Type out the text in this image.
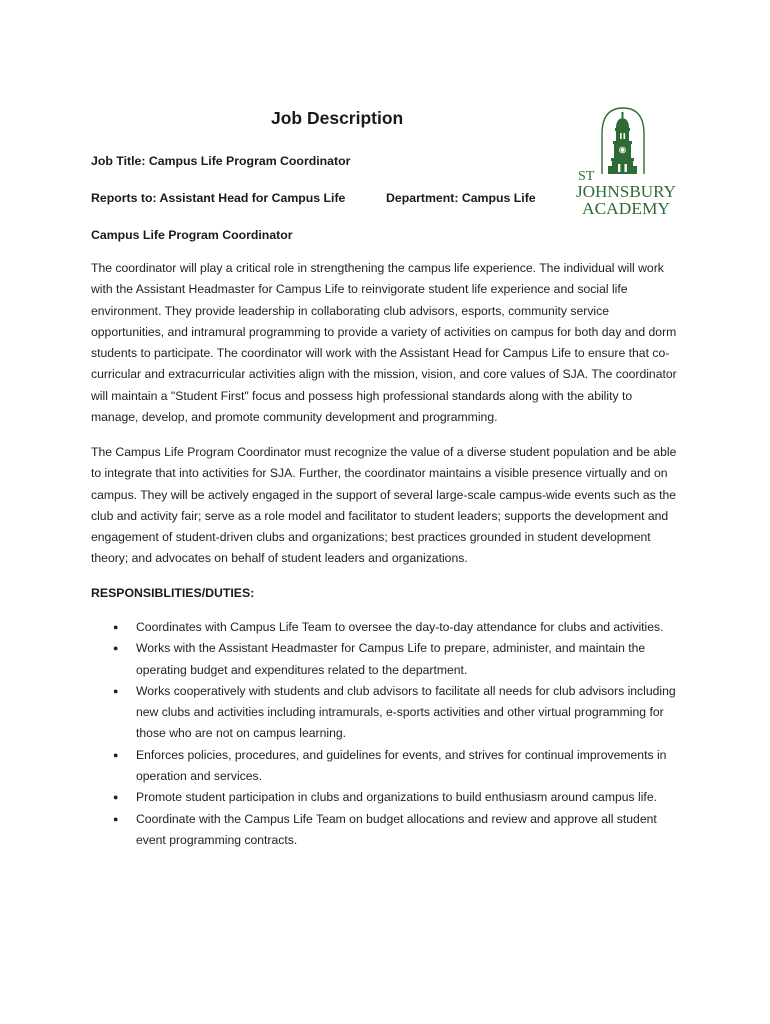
Job Description
Job Title: Campus Life Program Coordinator
Reports to: Assistant Head for Campus Life	Department: Campus Life
Campus Life Program Coordinator
ST
JOHNSBURY
ACADEMY

The coordinator will play a critical role in strengthening the campus life experience. The individual will work with the Assistant Headmaster for Campus Life to reinvigorate student life experience and social life environment. They provide leadership in collaborating club advisors, esports, community service opportunities, and intramural programming to provide a variety of activities on campus for both day and dorm students to participate. The coordinator will work with the Assistant Head for Campus Life to ensure that co-curricular and extracurricular activities align with the mission, vision, and core values of SJA. The coordinator will maintain a "Student First" focus and possess high professional standards along with the ability to manage, develop, and promote community development and programming.

The Campus Life Program Coordinator must recognize the value of a diverse student population and be able to integrate that into activities for SJA. Further, the coordinator maintains a visible presence virtually and on campus. They will be actively engaged in the support of several large-scale campus-wide events such as the club and activity fair; serve as a role model and facilitator to student leaders; supports the development and engagement of student-driven clubs and organizations; best practices grounded in student development theory; and advocates on behalf of student leaders and organizations.

RESPONSIBLITIES/DUTIES:
● Coordinates with Campus Life Team to oversee the day-to-day attendance for clubs and activities.
● Works with the Assistant Headmaster for Campus Life to prepare, administer, and maintain the operating budget and expenditures related to the department.
● Works cooperatively with students and club advisors to facilitate all needs for club advisors including new clubs and activities including intramurals, e-sports activities and other virtual programming for those who are not on campus learning.
● Enforces policies, procedures, and guidelines for events, and strives for continual improvements in operation and services.
● Promote student participation in clubs and organizations to build enthusiasm around campus life.
● Coordinate with the Campus Life Team on budget allocations and review and approve all student event programming contracts.
